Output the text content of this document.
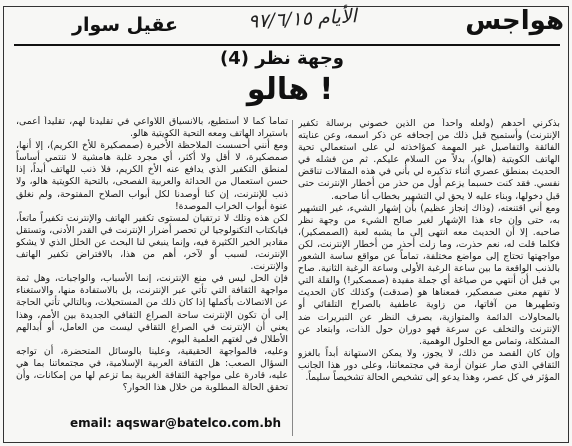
هواجس
الأيام ٩٧/٦/١٥
عقيل سوار
وجهة نظر (4)
هالو !

بذكرني أحدهم (ولعله واحداً من الذين خصوني برسالة تكفير الإنترنت) وأستميح قبل ذلك من إجحافه عن ذكر اسمه، وعن عنايته الفائقة والتفاصيل غير المهمة كمؤاخذته لي على استعمالي تحية الهاتف الكويتية (هالو)، بدلاً من السلام عليكم. ثم من فشله في الحديث بمنطق عصري أثناء تذكيره لي بأني في هذه المقالات تناقض نفسي. فقد كنت حسبما يزعم أول من حذر من أخطار الإنترنت حتى قبل دخولها، وبناء عليه لا يحق لي التشهير بخطاب أنا صاحبه.

ومع أني اقتنعته، (وذاك إنجاز عظيم) بأن إشهار الشيء، غير التشهير به، حتى وإن جاء هذا الإشهار لغير صالح الشيء من وجهة نظر صاحبه. إلا أن الحديث معه انتهى إلى ما يشبه لعبة (الصمصكير)، فكلما قلت له، نعم حذرت، وما زلت أحذر من أخطار الإنترنت، لكن مواجهتها تحتاج إلى مواضع مختلفة، تماماً عن مواقع ساسة الشعور بالذنب الواقعة ما بين ساعة الرغبة الأولى وساعة الرغبة الثانية. صاح بي قبل أن أنتهي من صياغة أي جملة مفيدة (صمصكير!) والقلة التي لا تفهم معنى صمصكير، فمعناها هو (صدقت) وكذلك كان الحديث وتطهيرها من آفاتها، من زاوية عاطفية بالصراخ التلقائي أو بالمحاولات الدائمة والمتوازية، بصرف النظر عن التبريرات ضد الإنترنت والتخلف عن سرعة فهو دوران حول الذات، وابتعاد عن المشكلة، وتماس مع الحلول الوهمية.

وإن كان القصد من ذلك، لا يجوز، ولا يمكن الاستهانة أبداً بالغزو الثقافي الذي صار عنوان أزمة في مجتمعاتنا، وعلى دور هذا الجانب المؤثر في كل عصر، وهذا يدعو إلى تشخيص الحالة تشخيصاً سليماً.

تماماً كما لا أستطيع، بالانسياق اللاواعي في تقليدنا لهم، تقليداً أعمى، باستيراد الهاتف ومعه التحية الكويتية هالو.

ومع أنني أحسست الملاحظة الأخيرة (صمصكيرة للأخ الكريم)، إلا أنها، صمصكيرة، لا أقل ولا أكثر، أي مجرد غلبة هامشية لا تنتمي أساساً لمنطق التكفير الذي يدافع عنه الأخ الكريم، فلا ذنب للهاتف أبداً، إذا حسن استعمال من الحداثة والعربية الفصحى، بالتحية الكويتية هالو، ولا ذنب للإنترنت، إن كنا أوصدنا لكل أبواب الصلاح المفتوحة، ولم نغلق عنوة أبواب الخراب الموصدة!

لكن هذه وتلك لا ترتقيان لمستوى تكفير الهاتف والإنترنت تكفيراً ماتعاً، فيابكتاب التكنولوجيا لن تحصر أضرار الإنترنت في القدر الأدنى، وتستقل مقادير الخير الكثيرة فيه، وإنما ينبغي لنا البحث عن الخلل الذي لا يشكو الإنترنت، لسبب أو لآخر، أهم من هذا، بالافتراض تكفير الهاتف والإنترنت.

فإن الحل ليس في منع الإنترنت، إنما الأسباب، والواجبات، وهل ثمة مواجهة الثقافة التي تأتي عبر الإنترنت، بل بالاستفادة منها، والاستغناء عن الاتصالات بأكملها إذا كان ذلك من المستحيلات، وبالتالي تأتي الحاجة إلى أن تكون الإنترنت ساحة الصراع الثقافي الجديدة بين الأمم، وهذا يعني أن الإنترنت في الصراع الثقافي ليست من العامل، أو أبدالهم الأطلال في لغتهم العلمية اليوم.

وعليه، فالمواجهة الحقيقية، وعلينا بالوسائل المتحضرة، أن تواجه السؤال الصعب: هل الثقافة العربية الإسلامية، في مجتمعاتنا بما هي عليه، قادرة على مواجهة الثقافة الغربية بما تزعم لها من إمكانات، وأن تحقق الحالة المطلوبة من خلال هذا الحوار؟

email: aqswar@batelco.com.bh
